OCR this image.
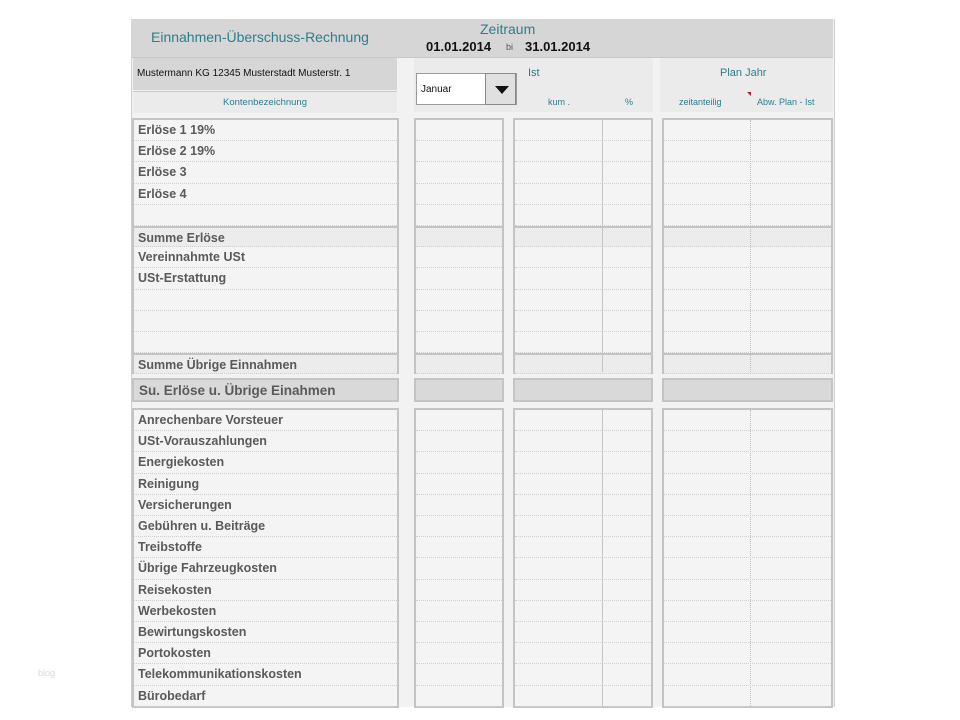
Einnahmen-Überschuss-Rechnung	Zeitraum
01.01.2014 bi 31.01.2014
Mustermann KG 12345 Musterstadt Musterstr. 1
Kontenbezeichnung
Ist
kum .	%
Januar
Plan Jahr
zeitanteilig	Abw. Plan - Ist
Erlöse 1 19%
Erlöse 2 19%
Erlöse 3
Erlöse 4
Summe Erlöse
Vereinnahmte USt
USt-Erstattung
Summe Übrige Einnahmen
Su. Erlöse u. Übrige Einahmen
Anrechenbare Vorsteuer
USt-Vorauszahlungen
Energiekosten
Reinigung
Versicherungen
Gebühren u. Beiträge
Treibstoffe
Übrige Fahrzeugkosten
Reisekosten
Werbekosten
Bewirtungskosten
Portokosten
Telekommunikationskosten
Bürobedarf
blog
